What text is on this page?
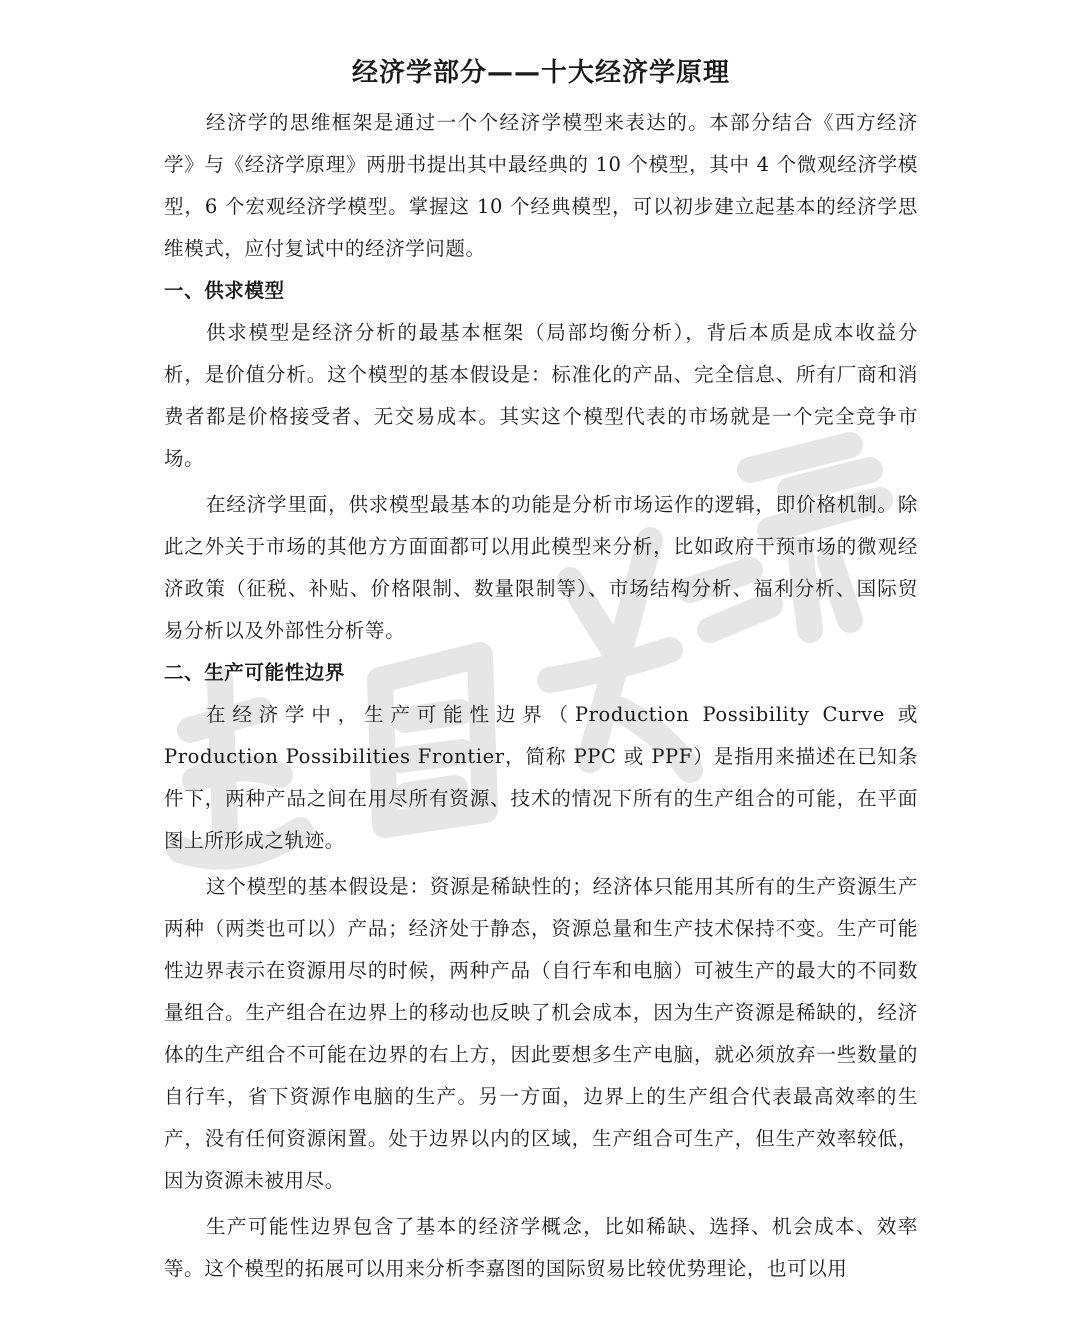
经济学部分——十大经济学原理

经济学的思维框架是通过一个个经济学模型来表达的。本部分结合《西方经济学》与《经济学原理》两册书提出其中最经典的 10 个模型，其中 4 个微观经济学模型，6 个宏观经济学模型。掌握这 10 个经典模型，可以初步建立起基本的经济学思维模式，应付复试中的经济学问题。

一、供求模型

供求模型是经济分析的最基本框架（局部均衡分析），背后本质是成本收益分析，是价值分析。这个模型的基本假设是：标准化的产品、完全信息、所有厂商和消费者都是价格接受者、无交易成本。其实这个模型代表的市场就是一个完全竞争市场。

在经济学里面，供求模型最基本的功能是分析市场运作的逻辑，即价格机制。除此之外关于市场的其他方方面面都可以用此模型来分析，比如政府干预市场的微观经济政策（征税、补贴、价格限制、数量限制等）、市场结构分析、福利分析、国际贸易分析以及外部性分析等。

二、生产可能性边界

在经济学中，生产可能性边界（Production Possibility Curve 或 Production Possibilities Frontier，简称 PPC 或 PPF）是指用来描述在已知条件下，两种产品之间在用尽所有资源、技术的情况下所有的生产组合的可能，在平面图上所形成之轨迹。

这个模型的基本假设是：资源是稀缺性的；经济体只能用其所有的生产资源生产两种（两类也可以）产品；经济处于静态，资源总量和生产技术保持不变。生产可能性边界表示在资源用尽的时候，两种产品（自行车和电脑）可被生产的最大的不同数量组合。生产组合在边界上的移动也反映了机会成本，因为生产资源是稀缺的，经济体的生产组合不可能在边界的右上方，因此要想多生产电脑，就必须放弃一些数量的自行车，省下资源作电脑的生产。另一方面，边界上的生产组合代表最高效率的生产，没有任何资源闲置。处于边界以内的区域，生产组合可生产，但生产效率较低，因为资源未被用尽。

生产可能性边界包含了基本的经济学概念，比如稀缺、选择、机会成本、效率等。这个模型的拓展可以用来分析李嘉图的国际贸易比较优势理论，也可以用
